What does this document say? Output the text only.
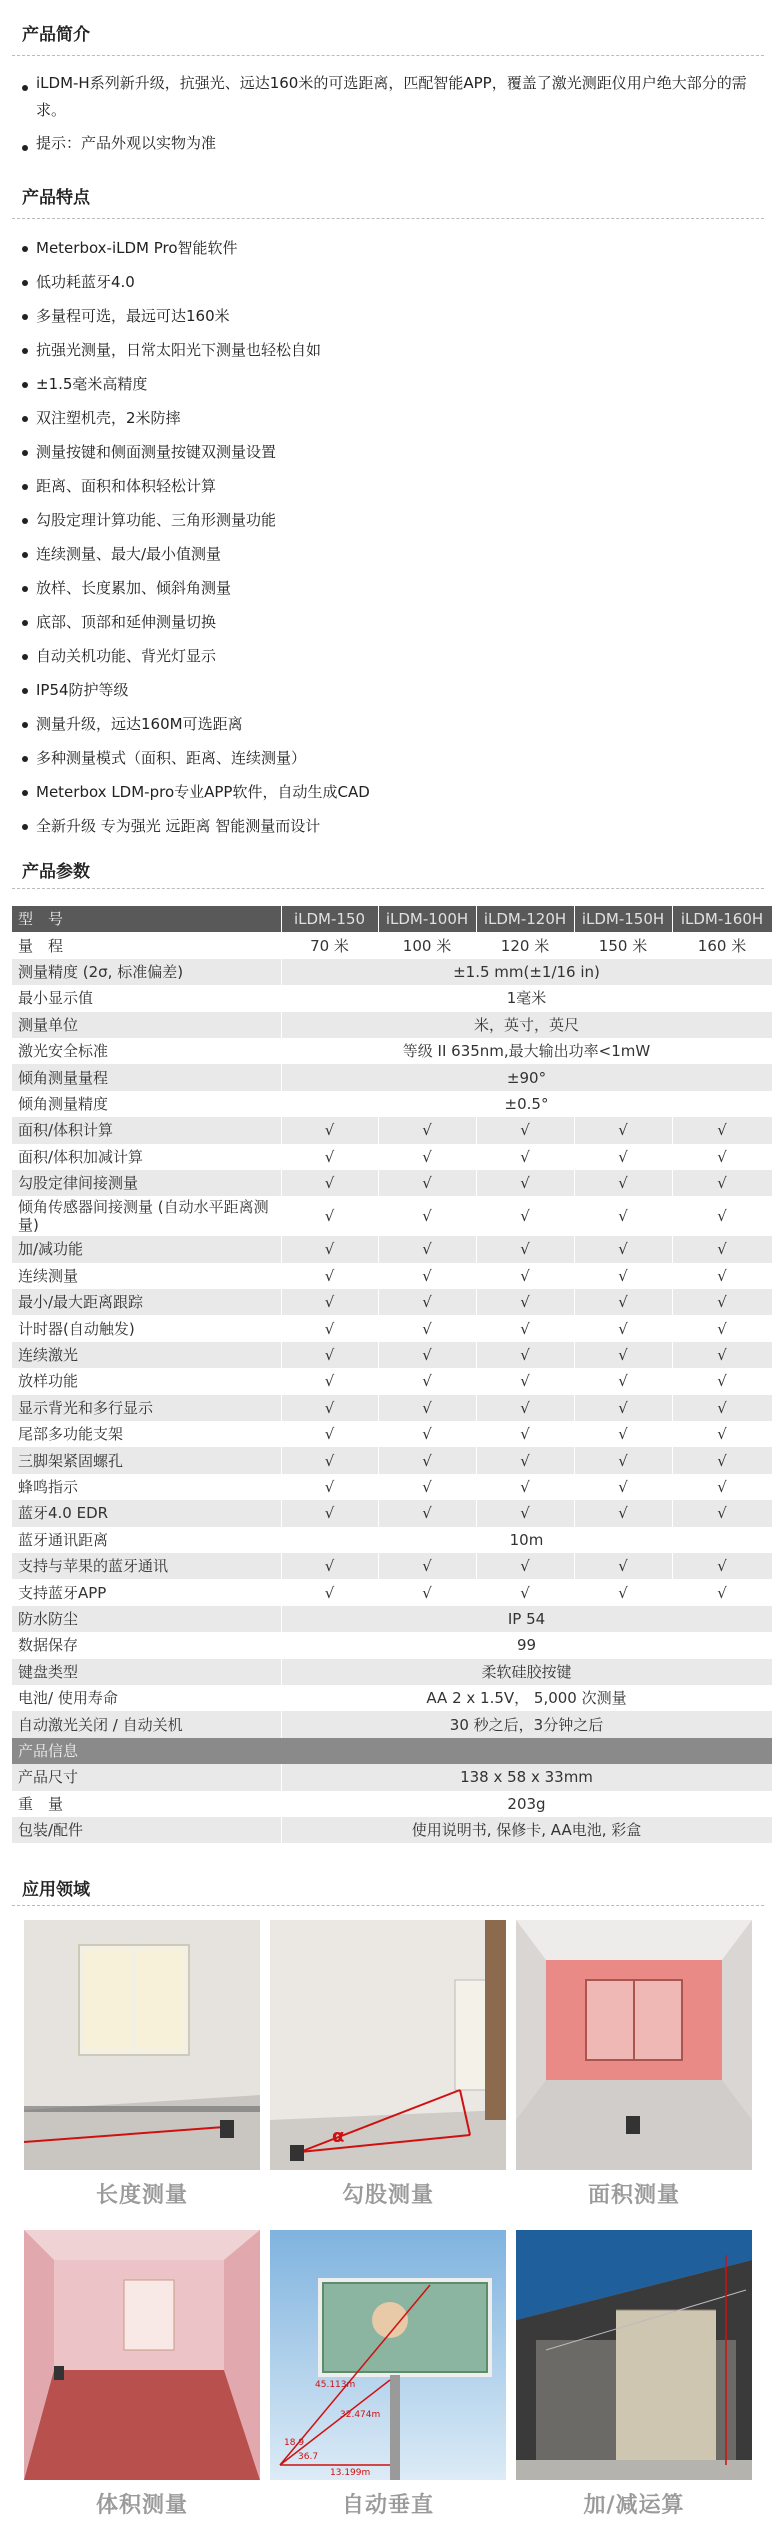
产品简介
iLDM-H系列新升级，抗强光、远达160米的可选距离，匹配智能APP，覆盖了激光测距仪用户绝大部分的需求。
提示：产品外观以实物为准
产品特点
Meterbox-iLDM Pro智能软件
低功耗蓝牙4.0
多量程可选，最远可达160米
抗强光测量，日常太阳光下测量也轻松自如
±1.5毫米高精度
双注塑机壳，2米防摔
测量按键和侧面测量按键双测量设置
距离、面积和体积轻松计算
勾股定理计算功能、三角形测量功能
连续测量、最大/最小值测量
放样、长度累加、倾斜角测量
底部、顶部和延伸测量切换
自动关机功能、背光灯显示
IP54防护等级
测量升级，远达160M可选距离
多种测量模式（面积、距离、连续测量）
Meterbox LDM-pro专业APP软件，自动生成CAD
全新升级 专为强光 远距离 智能测量而设计
产品参数
型　号	iLDM-150	iLDM-100H	iLDM-120H	iLDM-150H	iLDM-160H
量　程	70 米	100 米	120 米	150 米	160 米
测量精度 (2σ, 标准偏差)	±1.5 mm(±1/16 in)				
最小显示值	1毫米				
测量单位	米，英寸，英尺				
激光安全标准	等级 II 635nm,最大输出功率<1mW				
倾角测量量程	±90°				
倾角测量精度	±0.5°				
面积/体积计算	√	√	√	√	√
面积/体积加减计算	√	√	√	√	√
勾股定律间接测量	√	√	√	√	√
倾角传感器间接测量 (自动水平距离测量)	√	√	√	√	√
加/减功能	√	√	√	√	√
连续测量	√	√	√	√	√
最小/最大距离跟踪	√	√	√	√	√
计时器(自动触发)	√	√	√	√	√
连续激光	√	√	√	√	√
放样功能	√	√	√	√	√
显示背光和多行显示	√	√	√	√	√
尾部多功能支架	√	√	√	√	√
三脚架紧固螺孔	√	√	√	√	√
蜂鸣指示	√	√	√	√	√
蓝牙4.0 EDR	√	√	√	√	√
蓝牙通讯距离	10m				
支持与苹果的蓝牙通讯	√	√	√	√	√
支持蓝牙APP	√	√	√	√	√
防水防尘	IP 54				
数据保存	99				
键盘类型	柔软硅胶按键				
电池/ 使用寿命	AA 2 x 1.5V， 5,000 次测量				
自动激光关闭 / 自动关机	30 秒之后，3分钟之后				
产品信息					
产品尺寸	138 x 58 x 33mm				
重　量	203g				
包装/配件	使用说明书, 保修卡, AA电池, 彩盒				
应用领域
长度测量
α
勾股测量	面积测量
体积测量
45.113m
32.474m
18.9
36.7
13.199m
自动垂直	加/减运算
